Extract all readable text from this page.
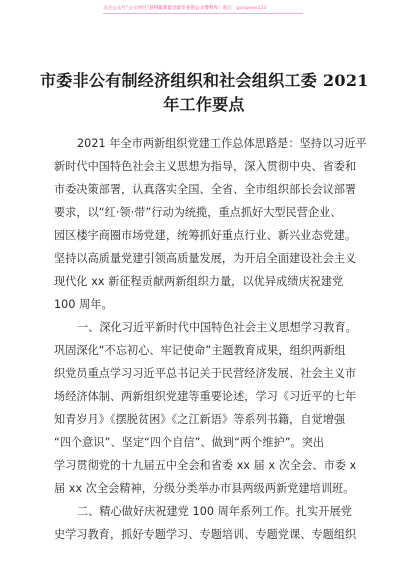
关注公众号“公文研究”获得最新最全最专业的公文资料库！微信：gongwen123
市委非公有制经济组织和社会组织工委 2021
年工作要点
2021 年全市两新组织党建工作总体思路是：坚持以习近平
新时代中国特色社会主义思想为指导，深入贯彻中央、省委和
市委决策部署，认真落实全国、全省、全市组织部长会议部署
要求，以“红·领·带”行动为统揽，重点抓好大型民营企业、
园区楼宇商圈市场党建，统筹抓好重点行业、新兴业态党建。
坚持以高质量党建引领高质量发展，为开启全面建设社会主义
现代化 xx 新征程贡献两新组织力量，以优异成绩庆祝建党
100 周年。
一、深化习近平新时代中国特色社会主义思想学习教育。
巩固深化“不忘初心、牢记使命”主题教育成果，组织两新组
织党员重点学习习近平总书记关于民营经济发展、社会主义市
场经济体制、两新组织党建等重要论述，学习《习近平的七年
知青岁月》《摆脱贫困》《之江新语》等系列书籍，自觉增强
“四个意识”、坚定“四个自信”、做到“两个维护”。突出
学习贯彻党的十九届五中全会和省委 xx 届 x 次全会、市委 x
届 xx 次全会精神，分级分类举办市县两级两新党建培训班。
二、精心做好庆祝建党 100 周年系列工作。扎实开展党
史学习教育，抓好专题学习、专题培训、专题党课、专题组织
